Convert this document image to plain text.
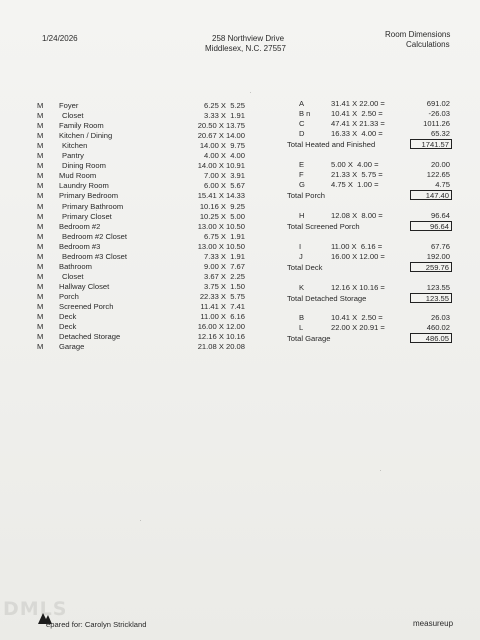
1/24/2026	258 Northview Drive
Middlesex, N.C. 27557
Room Dimensions
Calculations
M Foyer	6.25 X  5.25
M Closet	3.33 X  1.91
M Family Room	20.50 X 13.75
M Kitchen / Dining	20.67 X 14.00
M Kitchen	14.00 X  9.75
M Pantry	4.00 X  4.00
M Dining Room	14.00 X 10.91
M Mud Room	7.00 X  3.91
M Laundry Room	6.00 X  5.67
M Primary Bedroom	15.41 X 14.33
M Primary Bathroom	10.16 X  9.25
M Primary Closet	10.25 X  5.00
M Bedroom #2	13.00 X 10.50
M Bedroom #2 Closet	6.75 X  1.91
M Bedroom #3	13.00 X 10.50
M Bedroom #3 Closet	7.33 X  1.91
M Bathroom	9.00 X  7.67
M Closet	3.67 X  2.25
M Hallway Closet	3.75 X  1.50
M Porch	22.33 X  5.75
M Screened Porch	11.41 X  7.41
M Deck	11.00 X  6.16
M Deck	16.00 X 12.00
M Detached Storage	12.16 X 10.16
M Garage	21.08 X 20.08
A	31.41 X 22.00 =	691.02
B n	10.41 X  2.50 =	-26.03
C	47.41 X 21.33 =	1011.26
D	16.33 X  4.00 =	65.32
Total Heated and Finished	1741.57
E	5.00 X  4.00 =	20.00
F	21.33 X  5.75 =	122.65
G	4.75 X  1.00 =	4.75
Total Porch	147.40
H	12.08 X  8.00 =	96.64
Total Screened Porch	96.64
I	11.00 X  6.16 =	67.76
J	16.00 X 12.00 =	192.00
Total Deck	259.76
K	12.16 X 10.16 =	123.55
Total Detached Storage	123.55
B	10.41 X  2.50 =	26.03
L	22.00 X 20.91 =	460.02
Total Garage	486.05
DMLS
epared for: Carolyn Strickland	measureup
